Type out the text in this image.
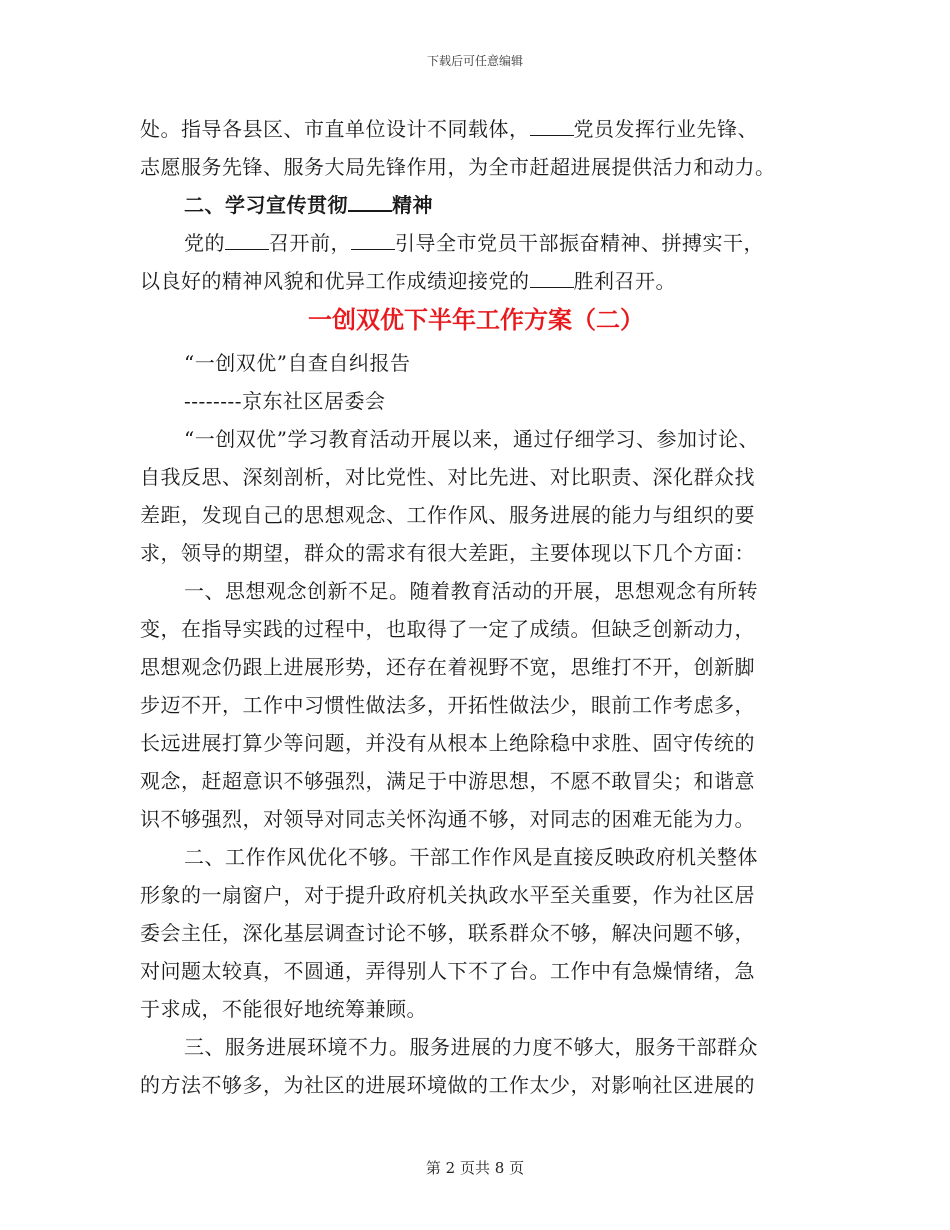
下载后可任意编辑
处。指导各县区、市直单位设计不同载体， 党员发挥行业先锋、
志愿服务先锋、服务大局先锋作用，为全市赶超进展提供活力和动力。
二、学习宣传贯彻 精神
党的 召开前， 引导全市党员干部振奋精神、拼搏实干，
以良好的精神风貌和优异工作成绩迎接党的 胜利召开。
一创双优下半年工作方案（二）
“一创双优”自查自纠报告
--------京东社区居委会
“一创双优”学习教育活动开展以来，通过仔细学习、参加讨论、
自我反思、深刻剖析，对比党性、对比先进、对比职责、深化群众找
差距，发现自己的思想观念、工作作风、服务进展的能力与组织的要
求，领导的期望，群众的需求有很大差距，主要体现以下几个方面：
一、思想观念创新不足。随着教育活动的开展，思想观念有所转
变，在指导实践的过程中，也取得了一定了成绩。但缺乏创新动力，
思想观念仍跟上进展形势，还存在着视野不宽，思维打不开，创新脚
步迈不开，工作中习惯性做法多，开拓性做法少，眼前工作考虑多，
长远进展打算少等问题，并没有从根本上绝除稳中求胜、固守传统的
观念，赶超意识不够强烈，满足于中游思想，不愿不敢冒尖；和谐意
识不够强烈，对领导对同志关怀沟通不够，对同志的困难无能为力。
二、工作作风优化不够。干部工作作风是直接反映政府机关整体
形象的一扇窗户，对于提升政府机关执政水平至关重要，作为社区居
委会主任，深化基层调查讨论不够，联系群众不够，解决问题不够，
对问题太较真，不圆通，弄得别人下不了台。工作中有急燥情绪，急
于求成，不能很好地统筹兼顾。
三、服务进展环境不力。服务进展的力度不够大，服务干部群众
的方法不够多，为社区的进展环境做的工作太少，对影响社区进展的
第 2 页共 8 页
